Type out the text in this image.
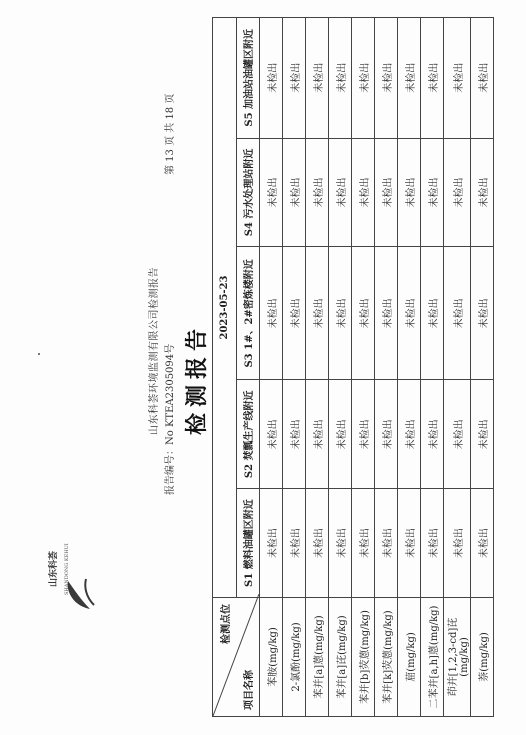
山东科荟 SHANDONG KEHUI
山东科荟环境监测有限公司检测报告 报告编号：No KTEA2305094号
第 13 页 共 18 页
检测报告
检测点位
项目名称	2023-05-23				
	S1 燃料油罐区附近	S2 焚瓢生产线附近	S3 1#、2#密炼楼附近	S4 污水处理站附近	S5 加油站油罐区附近
苯胺(mg/kg)	未检出	未检出	未检出	未检出	未检出
2-氯酚(mg/kg)	未检出	未检出	未检出	未检出	未检出
苯并[a]蒽(mg/kg)	未检出	未检出	未检出	未检出	未检出
苯并[a]芘(mg/kg)	未检出	未检出	未检出	未检出	未检出
苯并[b]荧蒽(mg/kg)	未检出	未检出	未检出	未检出	未检出
苯并[k]荧蒽(mg/kg)	未检出	未检出	未检出	未检出	未检出
䓛(mg/kg)	未检出	未检出	未检出	未检出	未检出
二苯并[a,h]蒽(mg/kg)	未检出	未检出	未检出	未检出	未检出
茚并[1,2,3-cd]芘(mg/kg)	未检出	未检出	未检出	未检出	未检出
萘(mg/kg)	未检出	未检出	未检出	未检出	未检出
